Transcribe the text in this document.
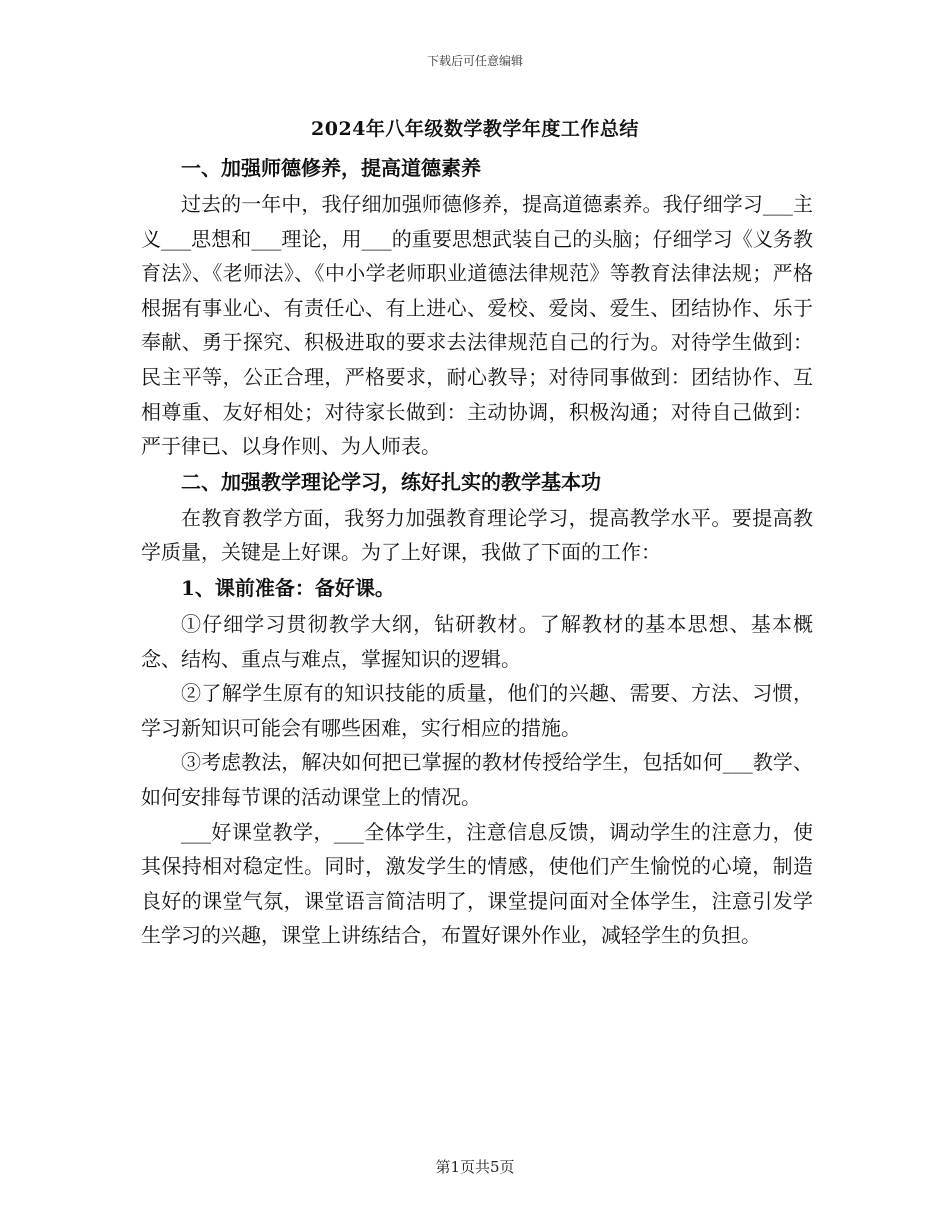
下载后可任意编辑
2024年八年级数学教学年度工作总结

一、加强师德修养，提高道德素养

过去的一年中，我仔细加强师德修养，提高道德素养。我仔细学习___主义___思想和___理论，用___的重要思想武装自己的头脑；仔细学习《义务教育法》、《老师法》、《中小学老师职业道德法律规范》等教育法律法规；严格根据有事业心、有责任心、有上进心、爱校、爱岗、爱生、团结协作、乐于奉献、勇于探究、积极进取的要求去法律规范自己的行为。对待学生做到：民主平等，公正合理，严格要求，耐心教导；对待同事做到：团结协作、互相尊重、友好相处；对待家长做到：主动协调，积极沟通；对待自己做到：严于律已、以身作则、为人师表。

二、加强教学理论学习，练好扎实的教学基本功

在教育教学方面，我努力加强教育理论学习，提高教学水平。要提高教学质量，关键是上好课。为了上好课，我做了下面的工作：

1、课前准备：备好课。

①仔细学习贯彻教学大纲，钻研教材。了解教材的基本思想、基本概念、结构、重点与难点，掌握知识的逻辑。

②了解学生原有的知识技能的质量，他们的兴趣、需要、方法、习惯，学习新知识可能会有哪些困难，实行相应的措施。

③考虑教法，解决如何把已掌握的教材传授给学生，包括如何___教学、如何安排每节课的活动课堂上的情况。

___好课堂教学，___全体学生，注意信息反馈，调动学生的注意力，使其保持相对稳定性。同时，激发学生的情感，使他们产生愉悦的心境，制造良好的课堂气氛，课堂语言简洁明了，课堂提问面对全体学生，注意引发学生学习的兴趣，课堂上讲练结合，布置好课外作业，减轻学生的负担。

第1页共5页
